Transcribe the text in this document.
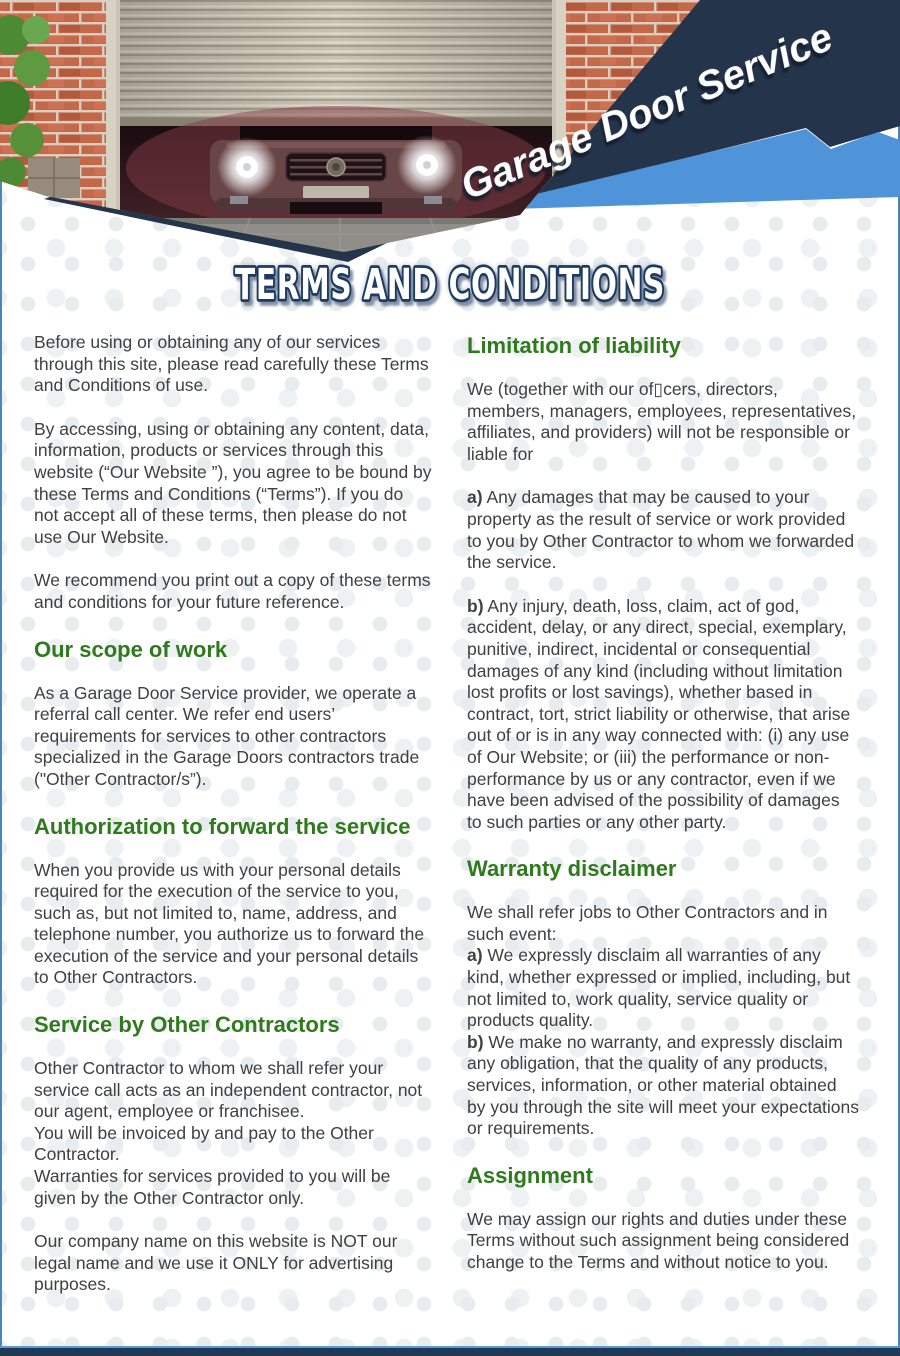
Garage Door Service
TERMS AND CONDITIONS

Before using or obtaining any of our services through this site, please read carefully these Terms and Conditions of use.

By accessing, using or obtaining any content, data, information, products or services through this website (“Our Website ”), you agree to be bound by these Terms and Conditions (“Terms”). If you do not accept all of these terms, then please do not use Our Website.

We recommend you print out a copy of these terms and conditions for your future reference.

Our scope of work

As a Garage Door Service provider, we operate a referral call center. We refer end users’ requirements for services to other contractors specialized in the Garage Doors contractors trade ("Other Contractor/s”).

Authorization to forward the service

When you provide us with your personal details required for the execution of the service to you, such as, but not limited to, name, address, and telephone number, you authorize us to forward the execution of the service and your personal details to Other Contractors.

Service by Other Contractors

Other Contractor to whom we shall refer your service call acts as an independent contractor, not our agent, employee or franchisee.
You will be invoiced by and pay to the Other Contractor.
Warranties for services provided to you will be given by the Other Contractor only.

Our company name on this website is NOT our legal name and we use it ONLY for advertising purposes.

Limitation of liability

We (together with our of▯cers, directors, members, managers, employees, representatives, affiliates, and providers) will not be responsible or liable for

a) Any damages that may be caused to your property as the result of service or work provided to you by Other Contractor to whom we forwarded the service.

b) Any injury, death, loss, claim, act of god, accident, delay, or any direct, special, exemplary, punitive, indirect, incidental or consequential damages of any kind (including without limitation lost profits or lost savings), whether based in contract, tort, strict liability or otherwise, that arise out of or is in any way connected with: (i) any use of Our Website; or (iii) the performance or non-performance by us or any contractor, even if we have been advised of the possibility of damages to such parties or any other party.

Warranty disclaimer

We shall refer jobs to Other Contractors and in such event:
a) We expressly disclaim all warranties of any kind, whether expressed or implied, including, but not limited to, work quality, service quality or products quality.
b) We make no warranty, and expressly disclaim any obligation, that the quality of any products, services, information, or other material obtained by you through the site will meet your expectations or requirements.

Assignment

We may assign our rights and duties under these Terms without such assignment being considered change to the Terms and without notice to you.
